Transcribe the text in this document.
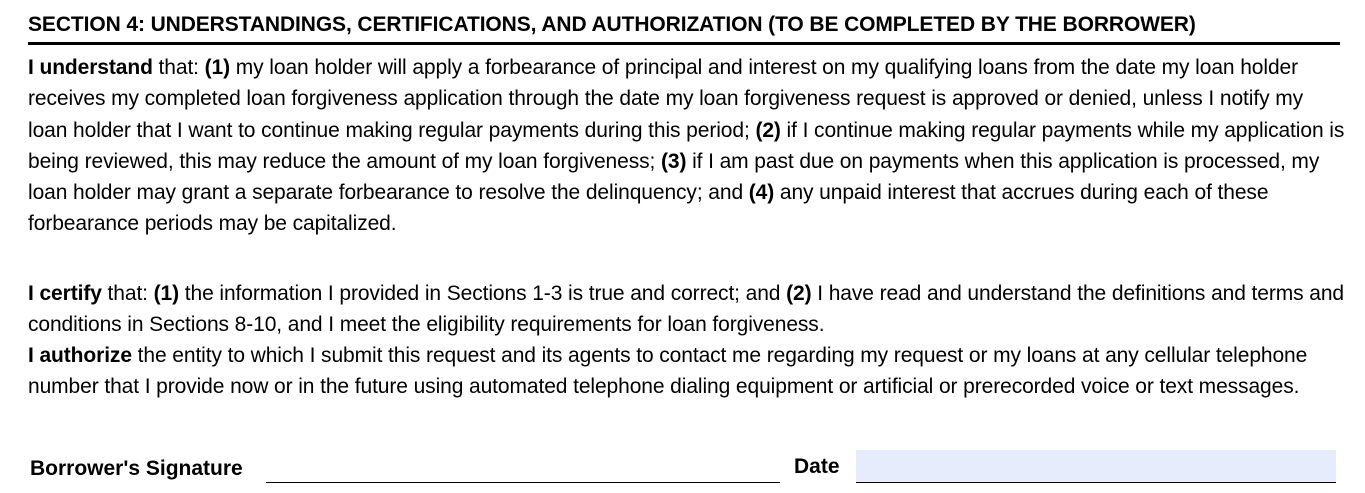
SECTION 4: UNDERSTANDINGS, CERTIFICATIONS, AND AUTHORIZATION (TO BE COMPLETED BY THE BORROWER)

I understand that: (1) my loan holder will apply a forbearance of principal and interest on my qualifying loans from the date my loan holder receives my completed loan forgiveness application through the date my loan forgiveness request is approved or denied, unless I notify my loan holder that I want to continue making regular payments during this period; (2) if I continue making regular payments while my application is being reviewed, this may reduce the amount of my loan forgiveness; (3) if I am past due on payments when this application is processed, my loan holder may grant a separate forbearance to resolve the delinquency; and (4) any unpaid interest that accrues during each of these forbearance periods may be capitalized.

I certify that: (1) the information I provided in Sections 1-3 is true and correct; and (2) I have read and understand the definitions and terms and conditions in Sections 8-10, and I meet the eligibility requirements for loan forgiveness.

I authorize the entity to which I submit this request and its agents to contact me regarding my request or my loans at any cellular telephone number that I provide now or in the future using automated telephone dialing equipment or artificial or prerecorded voice or text messages.

Borrower's Signature	Date
